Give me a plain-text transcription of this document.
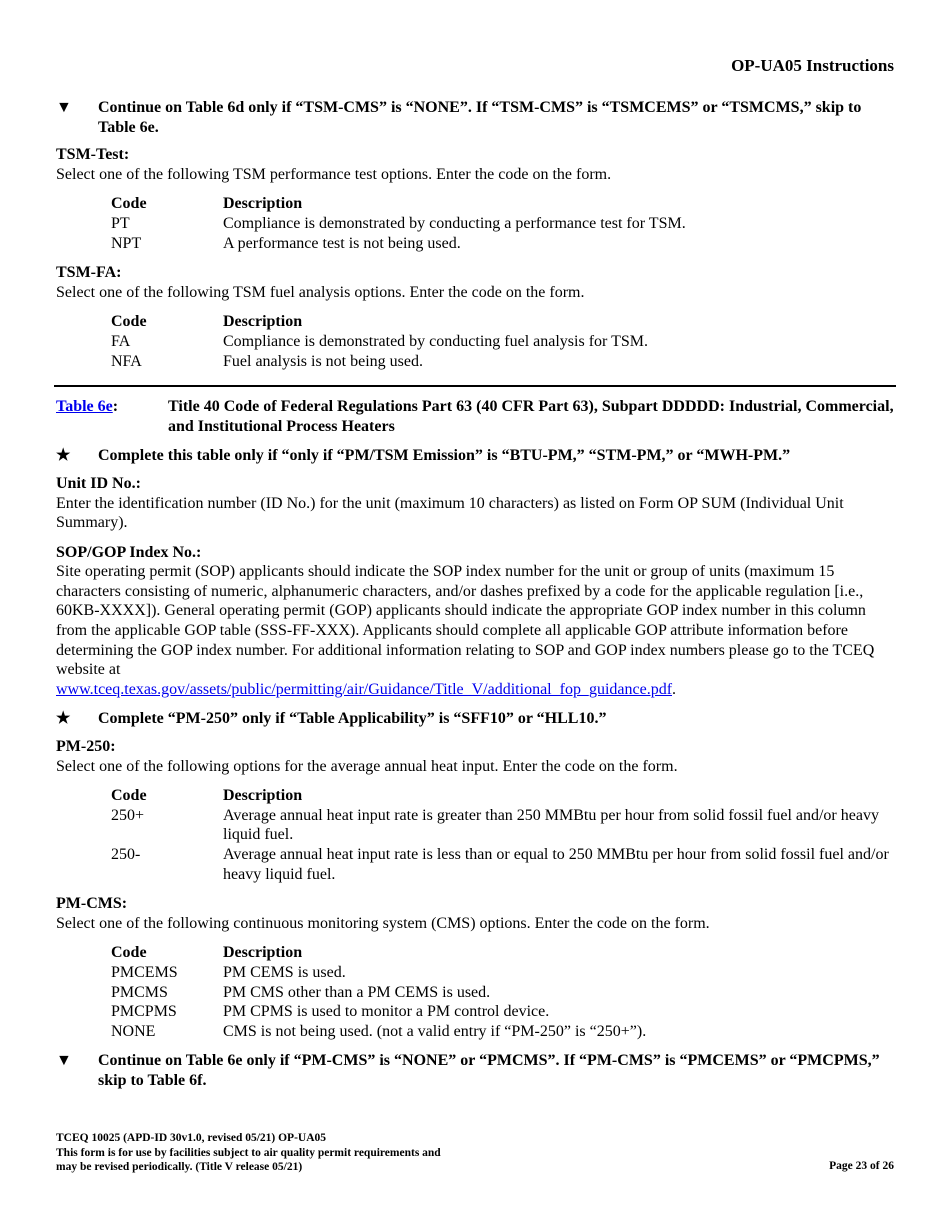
OP-UA05 Instructions
▼	Continue on Table 6d only if “TSM-CMS” is “NONE”. If “TSM-CMS” is “TSMCEMS” or “TSMCMS,” skip to Table 6e.
TSM-Test:
Select one of the following TSM performance test options. Enter the code on the form.
Code	Description
PT	Compliance is demonstrated by conducting a performance test for TSM.
NPT	A performance test is not being used.
TSM-FA:
Select one of the following TSM fuel analysis options. Enter the code on the form.
Code	Description
FA	Compliance is demonstrated by conducting fuel analysis for TSM.
NFA	Fuel analysis is not being used.
Table 6e:	Title 40 Code of Federal Regulations Part 63 (40 CFR Part 63), Subpart DDDDD: Industrial, Commercial, and Institutional Process Heaters
★	Complete this table only if “only if “PM/TSM Emission” is “BTU-PM,” “STM-PM,” or “MWH-PM.”
Unit ID No.:
Enter the identification number (ID No.) for the unit (maximum 10 characters) as listed on Form OP SUM (Individual Unit Summary).
SOP/GOP Index No.:
Site operating permit (SOP) applicants should indicate the SOP index number for the unit or group of units (maximum 15 characters consisting of numeric, alphanumeric characters, and/or dashes prefixed by a code for the applicable regulation [i.e., 60KB-XXXX]). General operating permit (GOP) applicants should indicate the appropriate GOP index number in this column from the applicable GOP table (SSS-FF-XXX). Applicants should complete all applicable GOP attribute information before determining the GOP index number. For additional information relating to SOP and GOP index numbers please go to the TCEQ website at
www.tceq.texas.gov/assets/public/permitting/air/Guidance/Title_V/additional_fop_guidance.pdf.
★	Complete “PM-250” only if “Table Applicability” is “SFF10” or “HLL10.”
PM-250:
Select one of the following options for the average annual heat input. Enter the code on the form.
Code	Description
250+	Average annual heat input rate is greater than 250 MMBtu per hour from solid fossil fuel and/or heavy liquid fuel.
250-	Average annual heat input rate is less than or equal to 250 MMBtu per hour from solid fossil fuel and/or heavy liquid fuel.
PM-CMS:
Select one of the following continuous monitoring system (CMS) options. Enter the code on the form.
Code	Description
PMCEMS	PM CEMS is used.
PMCMS	PM CMS other than a PM CEMS is used.
PMCPMS	PM CPMS is used to monitor a PM control device.
NONE	CMS is not being used. (not a valid entry if “PM-250” is “250+”).
▼	Continue on Table 6e only if “PM-CMS” is “NONE” or “PMCMS”. If “PM-CMS” is “PMCEMS” or “PMCPMS,” skip to Table 6f.
TCEQ 10025 (APD-ID 30v1.0, revised 05/21) OP-UA05
This form is for use by facilities subject to air quality permit requirements and
may be revised periodically. (Title V release 05/21)	Page 23 of 26
